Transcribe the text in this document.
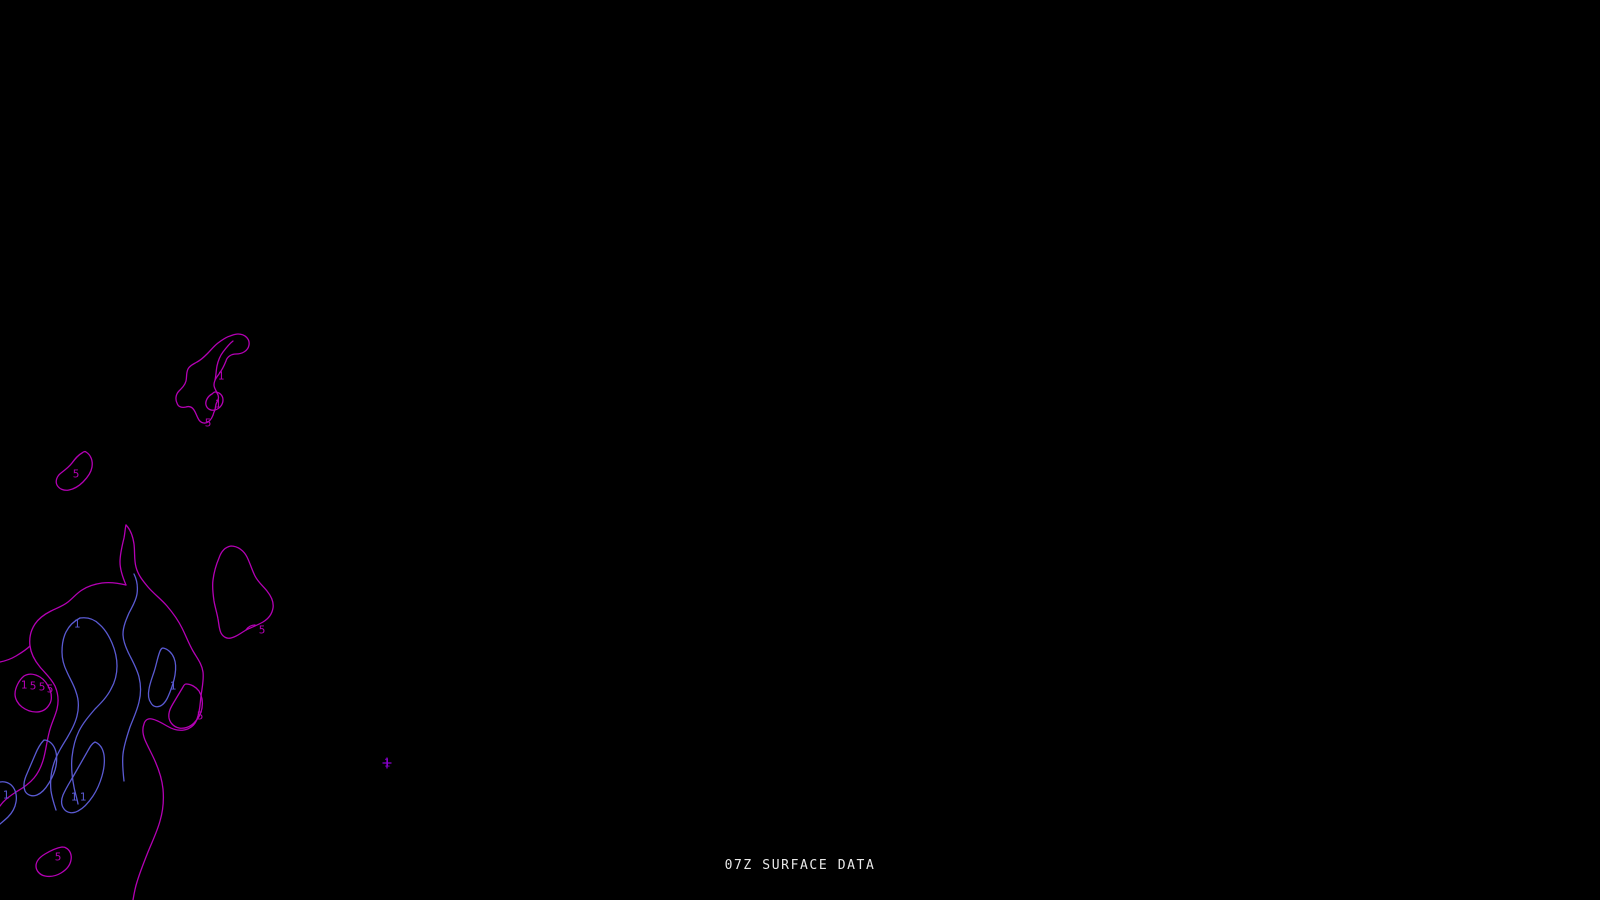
1
1
5
5
1	5
1
1 5 5 5
5
1
1	1 1
5
07Z SURFACE DATA
